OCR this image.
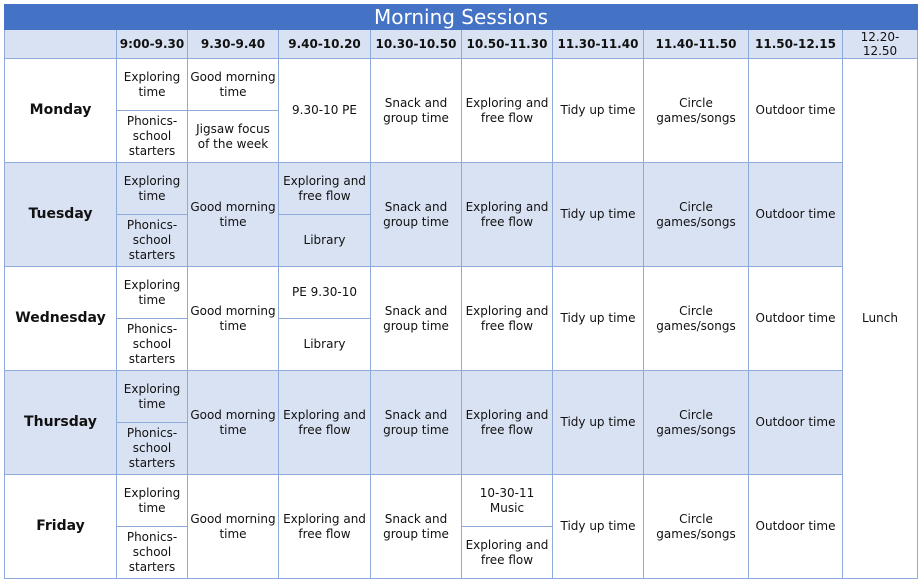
Morning Sessions									
	9:00-9.30	9.30-9.40	9.40-10.20	10.30-10.50	10.50-11.30	11.30-11.40	11.40-11.50	11.50-12.15	12.20-
12.50
Monday	Exploring time	Good morning time	9.30-10 PE	Snack and group time	Exploring and free flow	Tidy up time	Circle games/songs	Outdoor time	Lunch
	Phonics-school starters	Jigsaw focus of the week							
Tuesday	Exploring time	Good morning time	Exploring and free flow	Snack and group time	Exploring and free flow	Tidy up time	Circle games/songs	Outdoor time	
	Phonics-school starters		Library						
Wednesday	Exploring time	Good morning time	PE 9.30-10	Snack and group time	Exploring and free flow	Tidy up time	Circle games/songs	Outdoor time	
	Phonics-school starters		Library						
Thursday	Exploring time	Good morning time	Exploring and free flow	Snack and group time	Exploring and free flow	Tidy up time	Circle games/songs	Outdoor time	
	Phonics-school starters								
Friday	Exploring time	Good morning time	Exploring and free flow	Snack and group time	10-30-11 Music	Tidy up time	Circle games/songs	Outdoor time	
	Phonics-school starters				Exploring and free flow				
